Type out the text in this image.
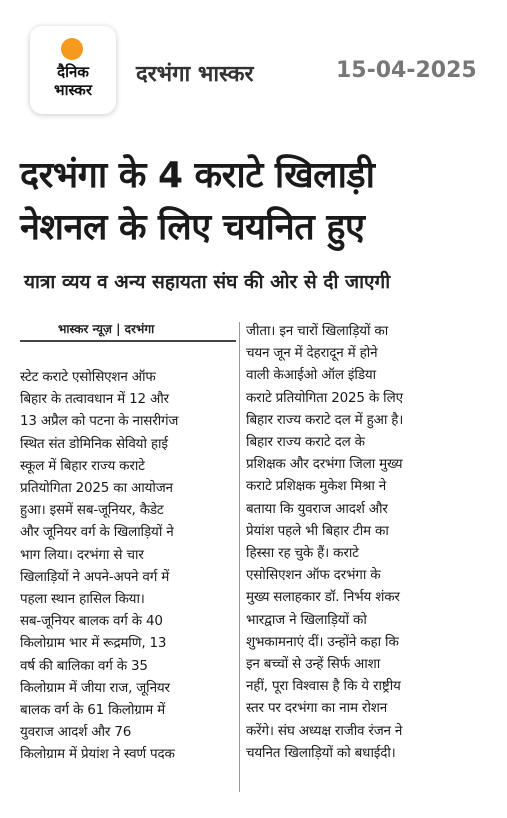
दैनिक
भास्कर
दरभंगा भास्कर	15-04-2025
दरभंगा के 4 कराटे खिलाड़ी
नेशनल के लिए चयनित हुए
यात्रा व्यय व अन्य सहायता संघ की ओर से दी जाएगी
भास्कर न्यूज़ | दरभंगा
स्टेट कराटे एसोसिएशन ऑफ
बिहार के तत्वावधान में 12 और
13 अप्रैल को पटना के नासरीगंज
स्थित संत डोमिनिक सेवियो हाई
स्कूल में बिहार राज्य कराटे
प्रतियोगिता 2025 का आयोजन
हुआ। इसमें सब-जूनियर, कैडेट
और जूनियर वर्ग के खिलाड़ियों ने
भाग लिया। दरभंगा से चार
खिलाड़ियों ने अपने-अपने वर्ग में
पहला स्थान हासिल किया।
सब-जूनियर बालक वर्ग के 40
किलोग्राम भार में रूद्रमणि, 13
वर्ष की बालिका वर्ग के 35
किलोग्राम में जीया राज, जूनियर
बालक वर्ग के 61 किलोग्राम में
युवराज आदर्श और 76
किलोग्राम में प्रेयांश ने स्वर्ण पदक
जीता। इन चारों खिलाड़ियों का
चयन जून में देहरादून में होने
वाली केआईओ ऑल इंडिया
कराटे प्रतियोगिता 2025 के लिए
बिहार राज्य कराटे दल में हुआ है।
बिहार राज्य कराटे दल के
प्रशिक्षक और दरभंगा जिला मुख्य
कराटे प्रशिक्षक मुकेश मिश्रा ने
बताया कि युवराज आदर्श और
प्रेयांश पहले भी बिहार टीम का
हिस्सा रह चुके हैं। कराटे
एसोसिएशन ऑफ दरभंगा के
मुख्य सलाहकार डॉ. निर्भय शंकर
भारद्वाज ने खिलाड़ियों को
शुभकामनाएं दीं। उन्होंने कहा कि
इन बच्चों से उन्हें सिर्फ आशा
नहीं, पूरा विश्वास है कि ये राष्ट्रीय
स्तर पर दरभंगा का नाम रोशन
करेंगे। संघ अध्यक्ष राजीव रंजन ने
चयनित खिलाड़ियों को बधाईदी।
